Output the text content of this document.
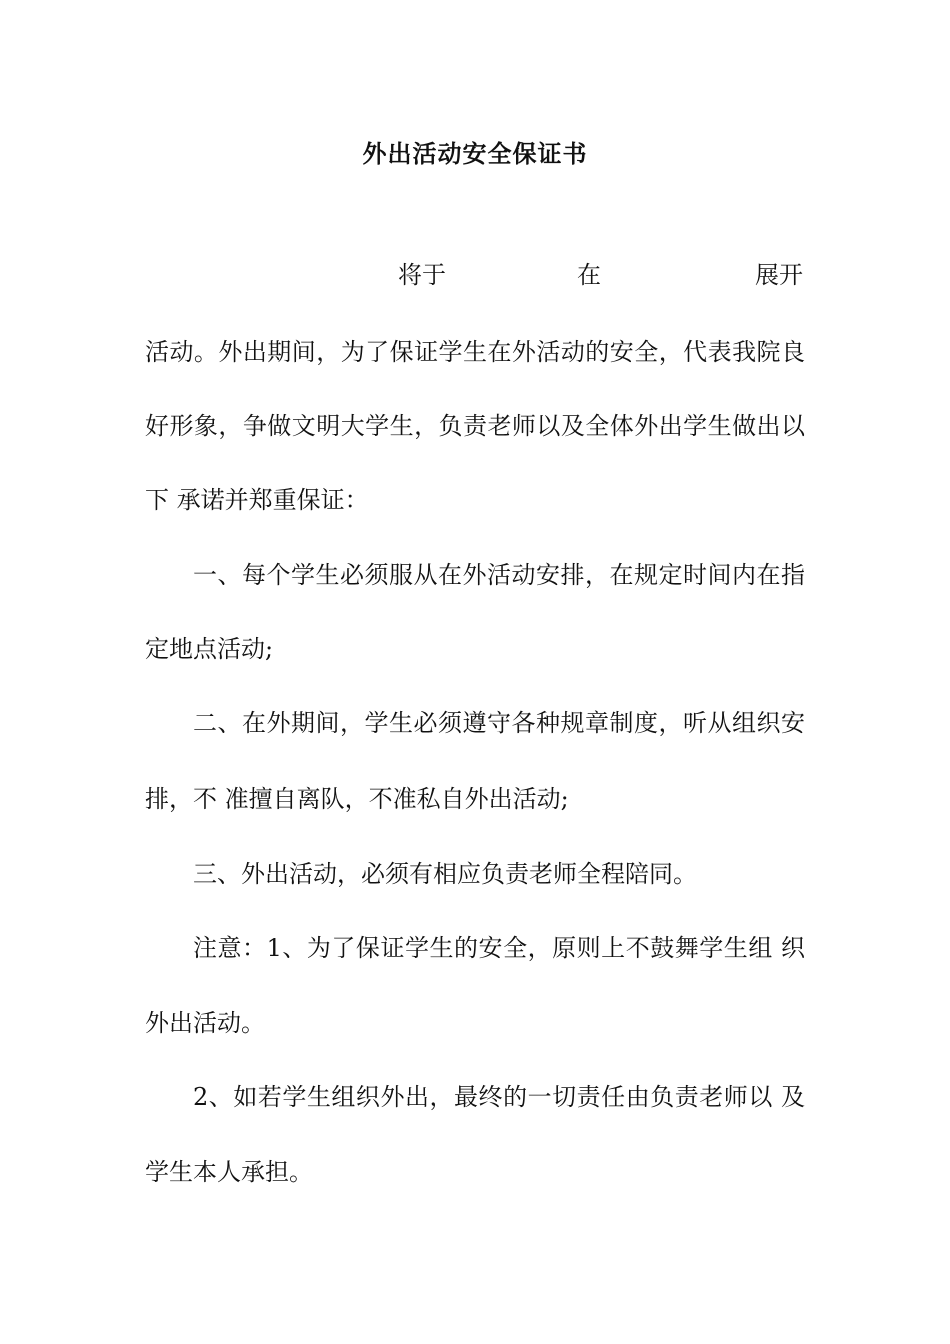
外出活动安全保证书
将于	在	展开
活动。外出期间，为了保证学生在外活动的安全，代表我院良
好形象，争做文明大学生，负责老师以及全体外出学生做出以
下 承诺并郑重保证：
一、每个学生必须服从在外活动安排，在规定时间内在指
定地点活动;
二、在外期间，学生必须遵守各种规章制度，听从组织安
排，不 准擅自离队，不准私自外出活动;
三、外出活动，必须有相应负责老师全程陪同。
注意：1、为了保证学生的安全，原则上不鼓舞学生组 织
外出活动。
2、如若学生组织外出，最终的一切责任由负责老师以 及
学生本人承担。
